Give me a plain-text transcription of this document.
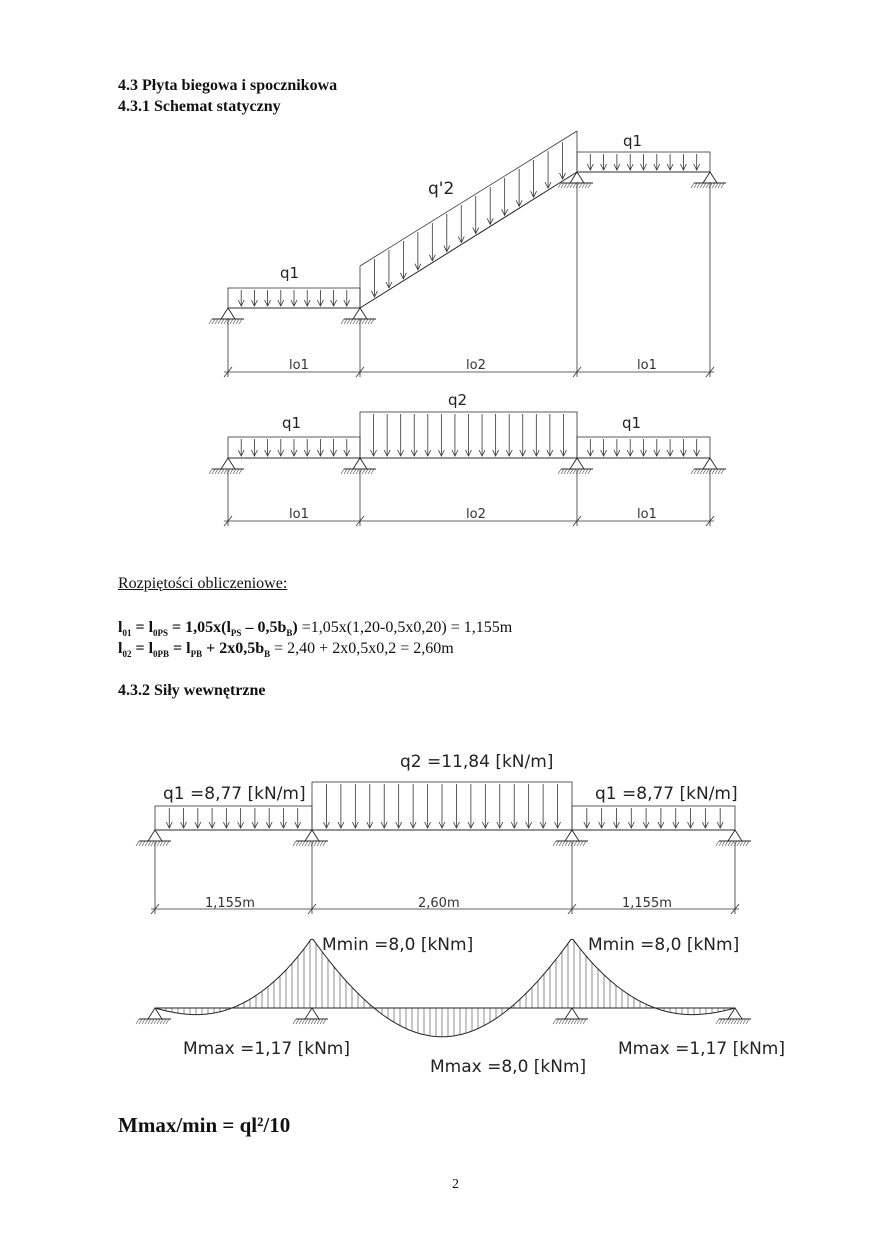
4.3 Płyta biegowa i spocznikowa
4.3.1 Schemat statyczny
q1
q'2
q1
lo1	lo2	lo1
q2
q1	q1
lo1	lo2	lo1
q2 =11,84 [kN/m]
q1 =8,77 [kN/m]	q1 =8,77 [kN/m]
1,155m	2,60m	1,155m
Mmin =8,0 [kNm]	Mmin =8,0 [kNm]
Mmax =1,17 [kNm]
Mmax =8,0 [kNm]
Mmax =1,17 [kNm]
Rozpiętości obliczeniowe:
$l_{01} = l_{0PS} = 1,05x(l_{PS} - 0,5b_B) =1,05x(1,20-0,5x0,20) = 1,155m$
$l_{02} = l_{0PB} = l_{PB} + 2x0,5b_B = 2,40 + 2x0,5x0,2 = 2,60m$
4.3.2 Siły wewnętrzne
Mmax/min = ql²/10
2
